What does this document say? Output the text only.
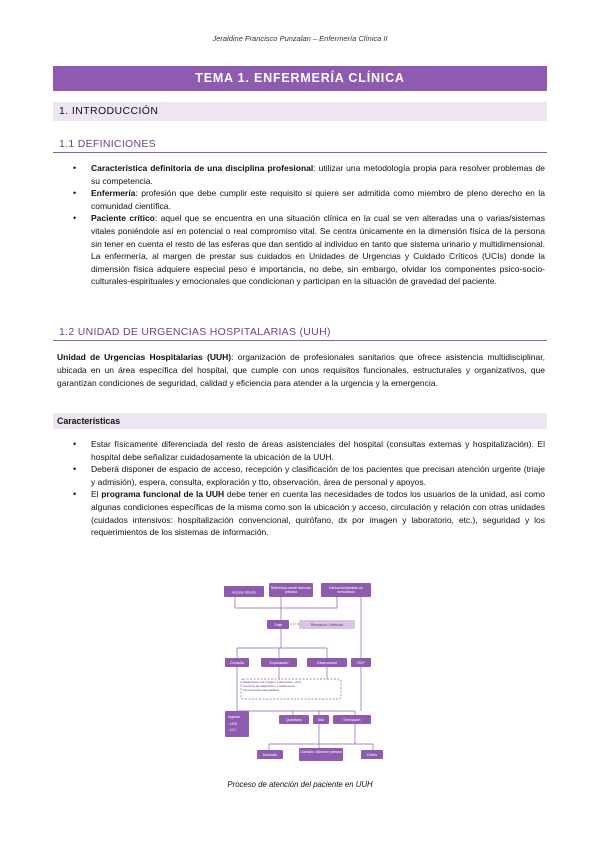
Jeraldine Francisco Punzalan – Enfermería Clínica II
TEMA 1. ENFERMERÍA CLÍNICA
1. INTRODUCCIÓN
1.1 DEFINICIONES
• Característica definitoria de una disciplina profesional: utilizar una metodología propia para resolver problemas de su competencia.
• Enfermería: profesión que debe cumplir este requisito si quiere ser admitida como miembro de pleno derecho en la comunidad científica.
• Paciente crítico: aquel que se encuentra en una situación clínica en la cual se ven alteradas una o varias/sistemas vitales poniéndole así en potencial o real compromiso vital. Se centra únicamente en la dimensión física de la persona sin tener en cuenta el resto de las esferas que dan sentido al individuo en tanto que sistema urinario y multidimensional. La enfermería, al margen de prestar sus cuidados en Unidades de Urgencias y Cuidado Críticos (UCIs) donde la dimensión física adquiere especial peso e importancia, no debe, sin embargo, olvidar los componentes psico-socio-culturales-espirituales y emocionales que condicionan y participan en la situación de gravedad del paciente.
1.2 UNIDAD DE URGENCIAS HOSPITALARIAS (UUH)

Unidad de Urgencias Hospitalarias (UUH): organización de profesionales sanitarios que ofrece asistencia multidisciplinar, ubicada en un área específica del hospital, que cumple con unos requisitos funcionales, estructurales y organizativos, que garantizan condiciones de seguridad, calidad y eficiencia para atender a la urgencia y la emergencia.

Características
• Estar físicamente diferenciada del resto de áreas asistenciales del hospital (consultas externas y hospitalización). El hospital debe señalizar cuidadosamente la ubicación de la UUH.
• Deberá disponer de espacio de acceso, recepción y clasificación de los pacientes que precisan atención urgente (triaje y admisión), espera, consulta, exploración y tto, observación, área de personal y apoyos.
• El programa funcional de la UUH debe tener en cuenta las necesidades de todos los usuarios de la unidad, así como algunas condiciones específicas de la misma como son la ubicación y acceso, circulación y relación con otras unidades (cuidados intensivos: hospitalización convencional, quirófano, dx por imagen y laboratorio, etc.), seguridad y los requerimientos de los sistemas de información.
Acceso directo
Referencia desde Atención primaria
Derivación/traslado en ambulancia
Triaje	Recepción / Admisión
Consulta	Exploración	Observación	RCP
Diagnóstico por imagen, Laboratorio, otros servicios de diagnóstico y tratamiento, interconsulta especialidad
Ingreso
- UDO
- UCI
Quirófano	Alta	Derivación
Domicilio
Domicilio / Atención primaria
Exitus
Proceso de atención del paciente en UUH
